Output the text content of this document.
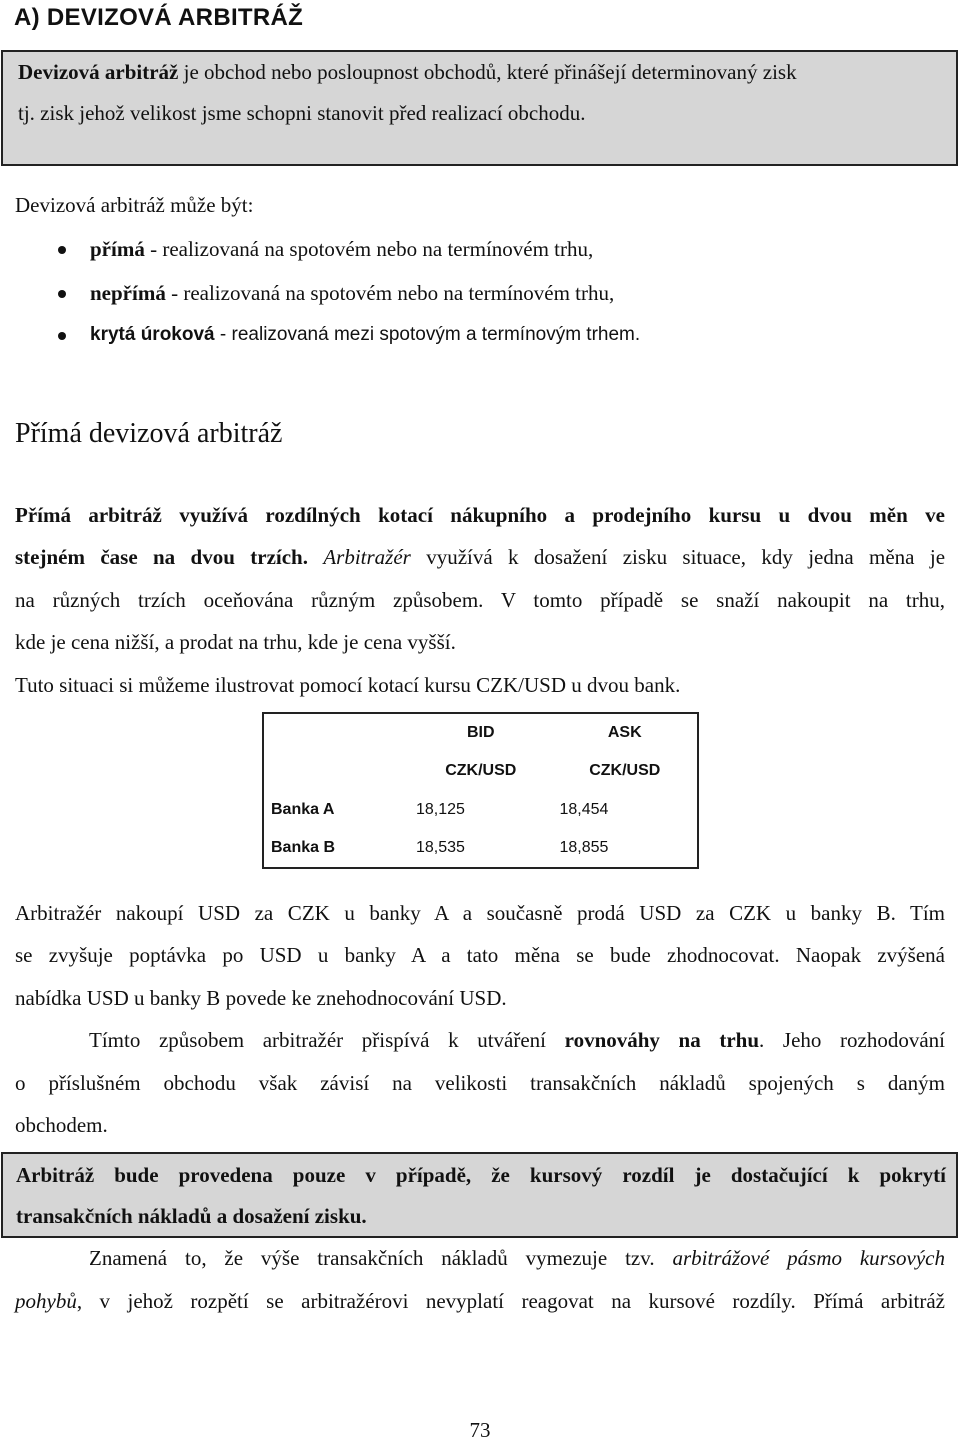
A) DEVIZOVÁ ARBITRÁŽ

Devizová arbitráž je obchod nebo posloupnost obchodů, které přinášejí determinovaný zisk

tj. zisk jehož velikost jsme schopni stanovit před realizací obchodu.

Devizová arbitráž může být:

přímá - realizovaná na spotovém nebo na termínovém trhu,
nepřímá - realizovaná na spotovém nebo na termínovém trhu,
krytá úroková - realizovaná mezi spotovým a termínovým trhem.
Přímá devizová arbitráž

Přímá arbitráž využívá rozdílných kotací nákupního a prodejního kursu u dvou měn ve

stejném čase na dvou trzích. Arbitražér využívá k dosažení zisku situace, kdy jedna měna je

na různých trzích oceňována různým způsobem. V tomto případě se snaží nakoupit na trhu,

kde je cena nižší, a prodat na trhu, kde je cena vyšší.

Tuto situaci si můžeme ilustrovat pomocí kotací kursu CZK/USD u dvou bank.

	BID	ASK
	CZK/USD	CZK/USD
Banka A	18,125	18,454
Banka B	18,535	18,855

Arbitražér nakoupí USD za CZK u banky A a současně prodá USD za CZK u banky B. Tím

se zvyšuje poptávka po USD u banky A a tato měna se bude zhodnocovat. Naopak zvýšená

nabídka USD u banky B povede ke znehodnocování USD.

Tímto způsobem arbitražér přispívá k utváření rovnováhy na trhu. Jeho rozhodování

o příslušném obchodu však závisí na velikosti transakčních nákladů spojených s daným

obchodem.

Arbitráž bude provedena pouze v případě, že kursový rozdíl je dostačující k pokrytí

transakčních nákladů a dosažení zisku.

Znamená to, že výše transakčních nákladů vymezuje tzv. arbitrážové pásmo kursových

pohybů, v jehož rozpětí se arbitražérovi nevyplatí reagovat na kursové rozdíly. Přímá arbitráž

73
